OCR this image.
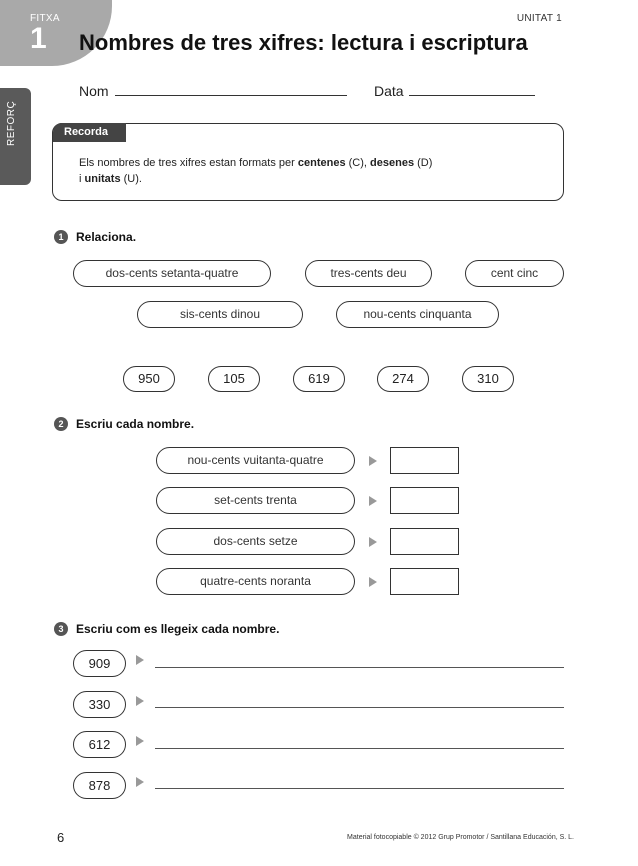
FITXA
1
UNITAT 1
Nombres de tres xifres: lectura i escriptura
REFORÇ
Nom	Data
Recorda
Els nombres de tres xifres estan formats per centenes (C), desenes (D)
i unitats (U).
1	Relaciona.
dos-cents setanta-quatre	tres-cents deu	cent cinc
sis-cents dinou	nou-cents cinquanta
950	105	619	274	310
2	Escriu cada nombre.
nou-cents vuitanta-quatre
set-cents trenta
dos-cents setze
quatre-cents noranta
3	Escriu com es llegeix cada nombre.
909
330
612
878
6	Material fotocopiable © 2012 Grup Promotor / Santillana Educación, S. L.
